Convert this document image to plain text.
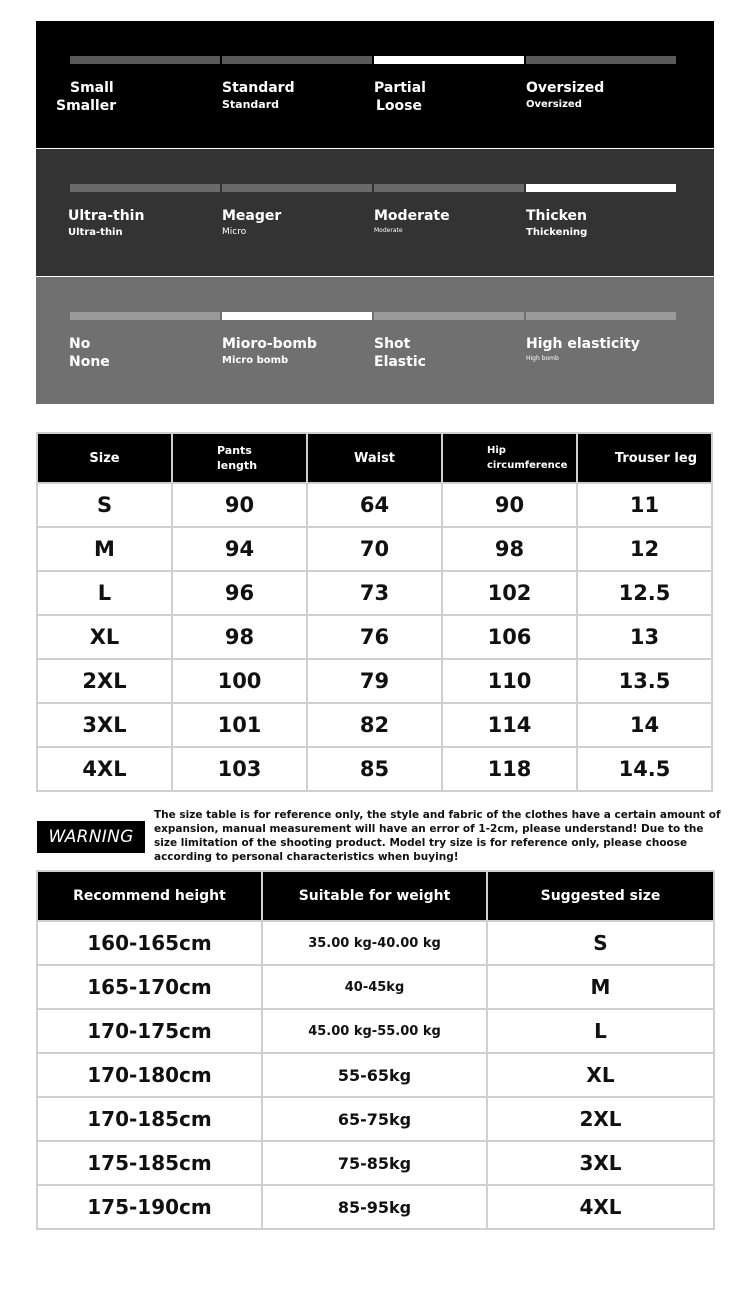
Small
Smaller
Standard
Standard
Partial
Loose
Oversized
Oversized
Ultra-thin
Ultra-thin
Meager
Micro
Moderate
Moderate
Thicken
Thickening
No
None
Mioro-bomb
Micro bomb
Shot
Elastic
High elasticity
High bomb
Size	Pants length	Waist	Hip circumference	Trouser leg
S	90	64	90	11
M	94	70	98	12
L	96	73	102	12.5
XL	98	76	106	13
2XL	100	79	110	13.5
3XL	101	82	114	14
4XL	103	85	118	14.5
WARNING
The size table is for reference only, the style and fabric of the clothes have a certain amount of expansion, manual measurement will have an error of 1-2cm, please understand! Due to the size limitation of the shooting product. Model try size is for reference only, please choose according to personal characteristics when buying!
Recommend height	Suitable for weight	Suggested size
160-165cm	35.00 kg-40.00 kg	S
165-170cm	40-45kg	M
170-175cm	45.00 kg-55.00 kg	L
170-180cm	55-65kg	XL
170-185cm	65-75kg	2XL
175-185cm	75-85kg	3XL
175-190cm	85-95kg	4XL
